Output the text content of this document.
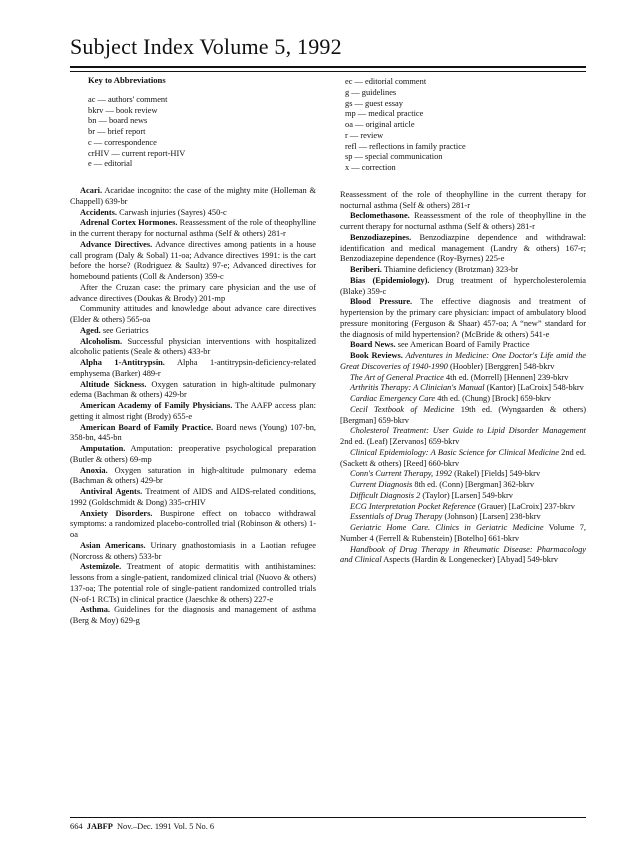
Subject Index Volume 5, 1992
Key to Abbreviations
ac — authors' comment
bkrv — book review
bn — board news
br — brief report
c — correspondence
crHIV — current report-HIV
e — editorial

Acari. Acaridae incognito: the case of the mighty mite (Holleman & Chappell) 639-br

Accidents. Carwash injuries (Sayres) 450-c

Adrenal Cortex Hormones. Reassessment of the role of theophylline in the current therapy for nocturnal asthma (Self & others) 281-r

Advance Directives. Advance directives among patients in a house call program (Daly & Sobal) 11-oa; Advance directives 1991: is the cart before the horse? (Rodriguez & Saultz) 97-e; Advanced directives for homebound patients (Coll & Anderson) 359-c

After the Cruzan case: the primary care physician and the use of advance directives (Doukas & Brody) 201-mp

Community attitudes and knowledge about advance care directives (Elder & others) 565-oa

Aged. see Geriatrics

Alcoholism. Successful physician interventions with hospitalized alcoholic patients (Seale & others) 433-br

Alpha 1-Antitrypsin. Alpha 1-antitrypsin-deficiency-related emphysema (Barker) 489-r

Altitude Sickness. Oxygen saturation in high-altitude pulmonary edema (Bachman & others) 429-br

American Academy of Family Physicians. The AAFP access plan: getting it almost right (Brody) 655-e

American Board of Family Practice. Board news (Young) 107-bn, 358-bn, 445-bn

Amputation. Amputation: preoperative psychological preparation (Butler & others) 69-mp

Anoxia. Oxygen saturation in high-altitude pulmonary edema (Bachman & others) 429-br

Antiviral Agents. Treatment of AIDS and AIDS-related conditions, 1992 (Goldschmidt & Dong) 335-crHIV

Anxiety Disorders. Buspirone effect on tobacco withdrawal symptoms: a randomized placebo-controlled trial (Robinson & others) 1-oa

Asian Americans. Urinary gnathostomiasis in a Laotian refugee (Norcross & others) 533-br

Astemizole. Treatment of atopic dermatitis with antihistamines: lessons from a single-patient, randomized clinical trial (Nuovo & others) 137-oa; The potential role of single-patient randomized controlled trials (N-of-1 RCTs) in clinical practice (Jaeschke & others) 227-e

Asthma. Guidelines for the diagnosis and management of asthma (Berg & Moy) 629-g

ec — editorial comment
g — guidelines
gs — guest essay
mp — medical practice
oa — original article
r — review
refl — reflections in family practice
sp — special communication
x — correction

Reassessment of the role of theophylline in the current therapy for nocturnal asthma (Self & others) 281-r

Beclomethasone. Reassessment of the role of theophylline in the current therapy for nocturnal asthma (Self & others) 281-r

Benzodiazepines. Benzodiazpine dependence and withdrawal: identification and medical management (Landry & others) 167-r; Benzodiazepine dependence (Roy-Byrnes) 225-e

Beriberi. Thiamine deficiency (Brotzman) 323-br

Bias (Epidemiology). Drug treatment of hypercholesterolemia (Blake) 359-c

Blood Pressure. The effective diagnosis and treatment of hypertension by the primary care physician: impact of ambulatory blood pressure monitoring (Ferguson & Shaar) 457-oa; A “new” standard for the diagnosis of mild hypertension? (McBride & others) 541-e

Board News. see American Board of Family Practice

Book Reviews. Adventures in Medicine: One Doctor's Life amid the Great Discoveries of 1940-1990 (Hoobler) [Berggren] 548-bkrv

The Art of General Practice 4th ed. (Morrell) [Hennen] 239-bkrv

Arthritis Therapy: A Clinician's Manual (Kantor) [LaCroix] 548-bkrv

Cardiac Emergency Care 4th ed. (Chung) [Brock] 659-bkrv

Cecil Textbook of Medicine 19th ed. (Wyngaarden & others) [Bergman] 659-bkrv

Cholesterol Treatment: User Guide to Lipid Disorder Management 2nd ed. (Leaf) [Zervanos] 659-bkrv

Clinical Epidemiology: A Basic Science for Clinical Medicine 2nd ed. (Sackett & others) [Reed] 660-bkrv

Conn's Current Therapy, 1992 (Rakel) [Fields] 549-bkrv

Current Diagnosis 8th ed. (Conn) [Bergman] 362-bkrv

Difficult Diagnosis 2 (Taylor) [Larsen] 549-bkrv

ECG Interpretation Pocket Reference (Grauer) [LaCroix] 237-bkrv

Essentials of Drug Therapy (Johnson) [Larsen] 238-bkrv

Geriatric Home Care. Clinics in Geriatric Medicine Volume 7, Number 4 (Ferrell & Rubenstein) [Botelho] 661-bkrv

Handbook of Drug Therapy in Rheumatic Disease: Pharmacology and Clinical Aspects (Hardin & Longenecker) [Abyad] 549-bkrv

664 JABFP Nov.–Dec. 1991 Vol. 5 No. 6
